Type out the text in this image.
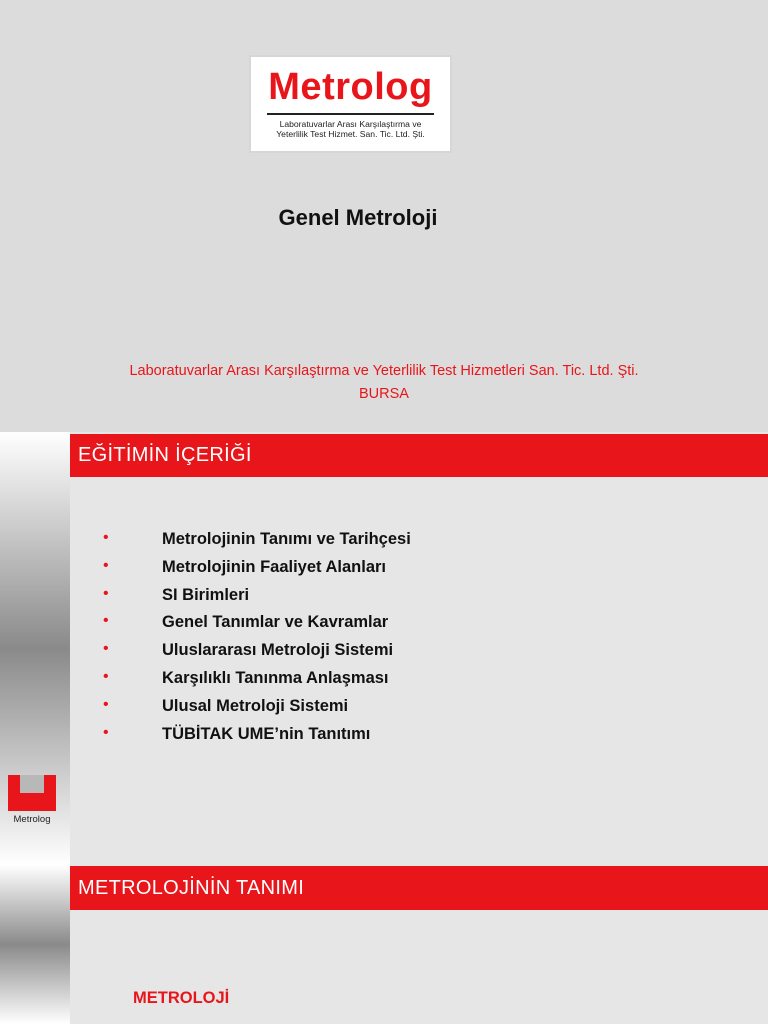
Metrolog
Laboratuvarlar Arası Karşılaştırma ve
Yeterlilik Test Hizmet. San. Tic. Ltd. Şti.
Genel Metroloji
Laboratuvarlar Arası Karşılaştırma ve Yeterlilik Test Hizmetleri San. Tic. Ltd. Şti.
BURSA
EĞİTİMİN İÇERİĞİ
•	Metrolojinin Tanımı ve Tarihçesi
•	Metrolojinin Faaliyet Alanları
•	SI Birimleri
•	Genel Tanımlar ve Kavramlar
•	Uluslararası Metroloji Sistemi
•	Karşılıklı Tanınma Anlaşması
•	Ulusal Metroloji Sistemi
•	TÜBİTAK UME’nin Tanıtımı
Metrolog
METROLOJİNİN TANIMI
METROLOJİ
